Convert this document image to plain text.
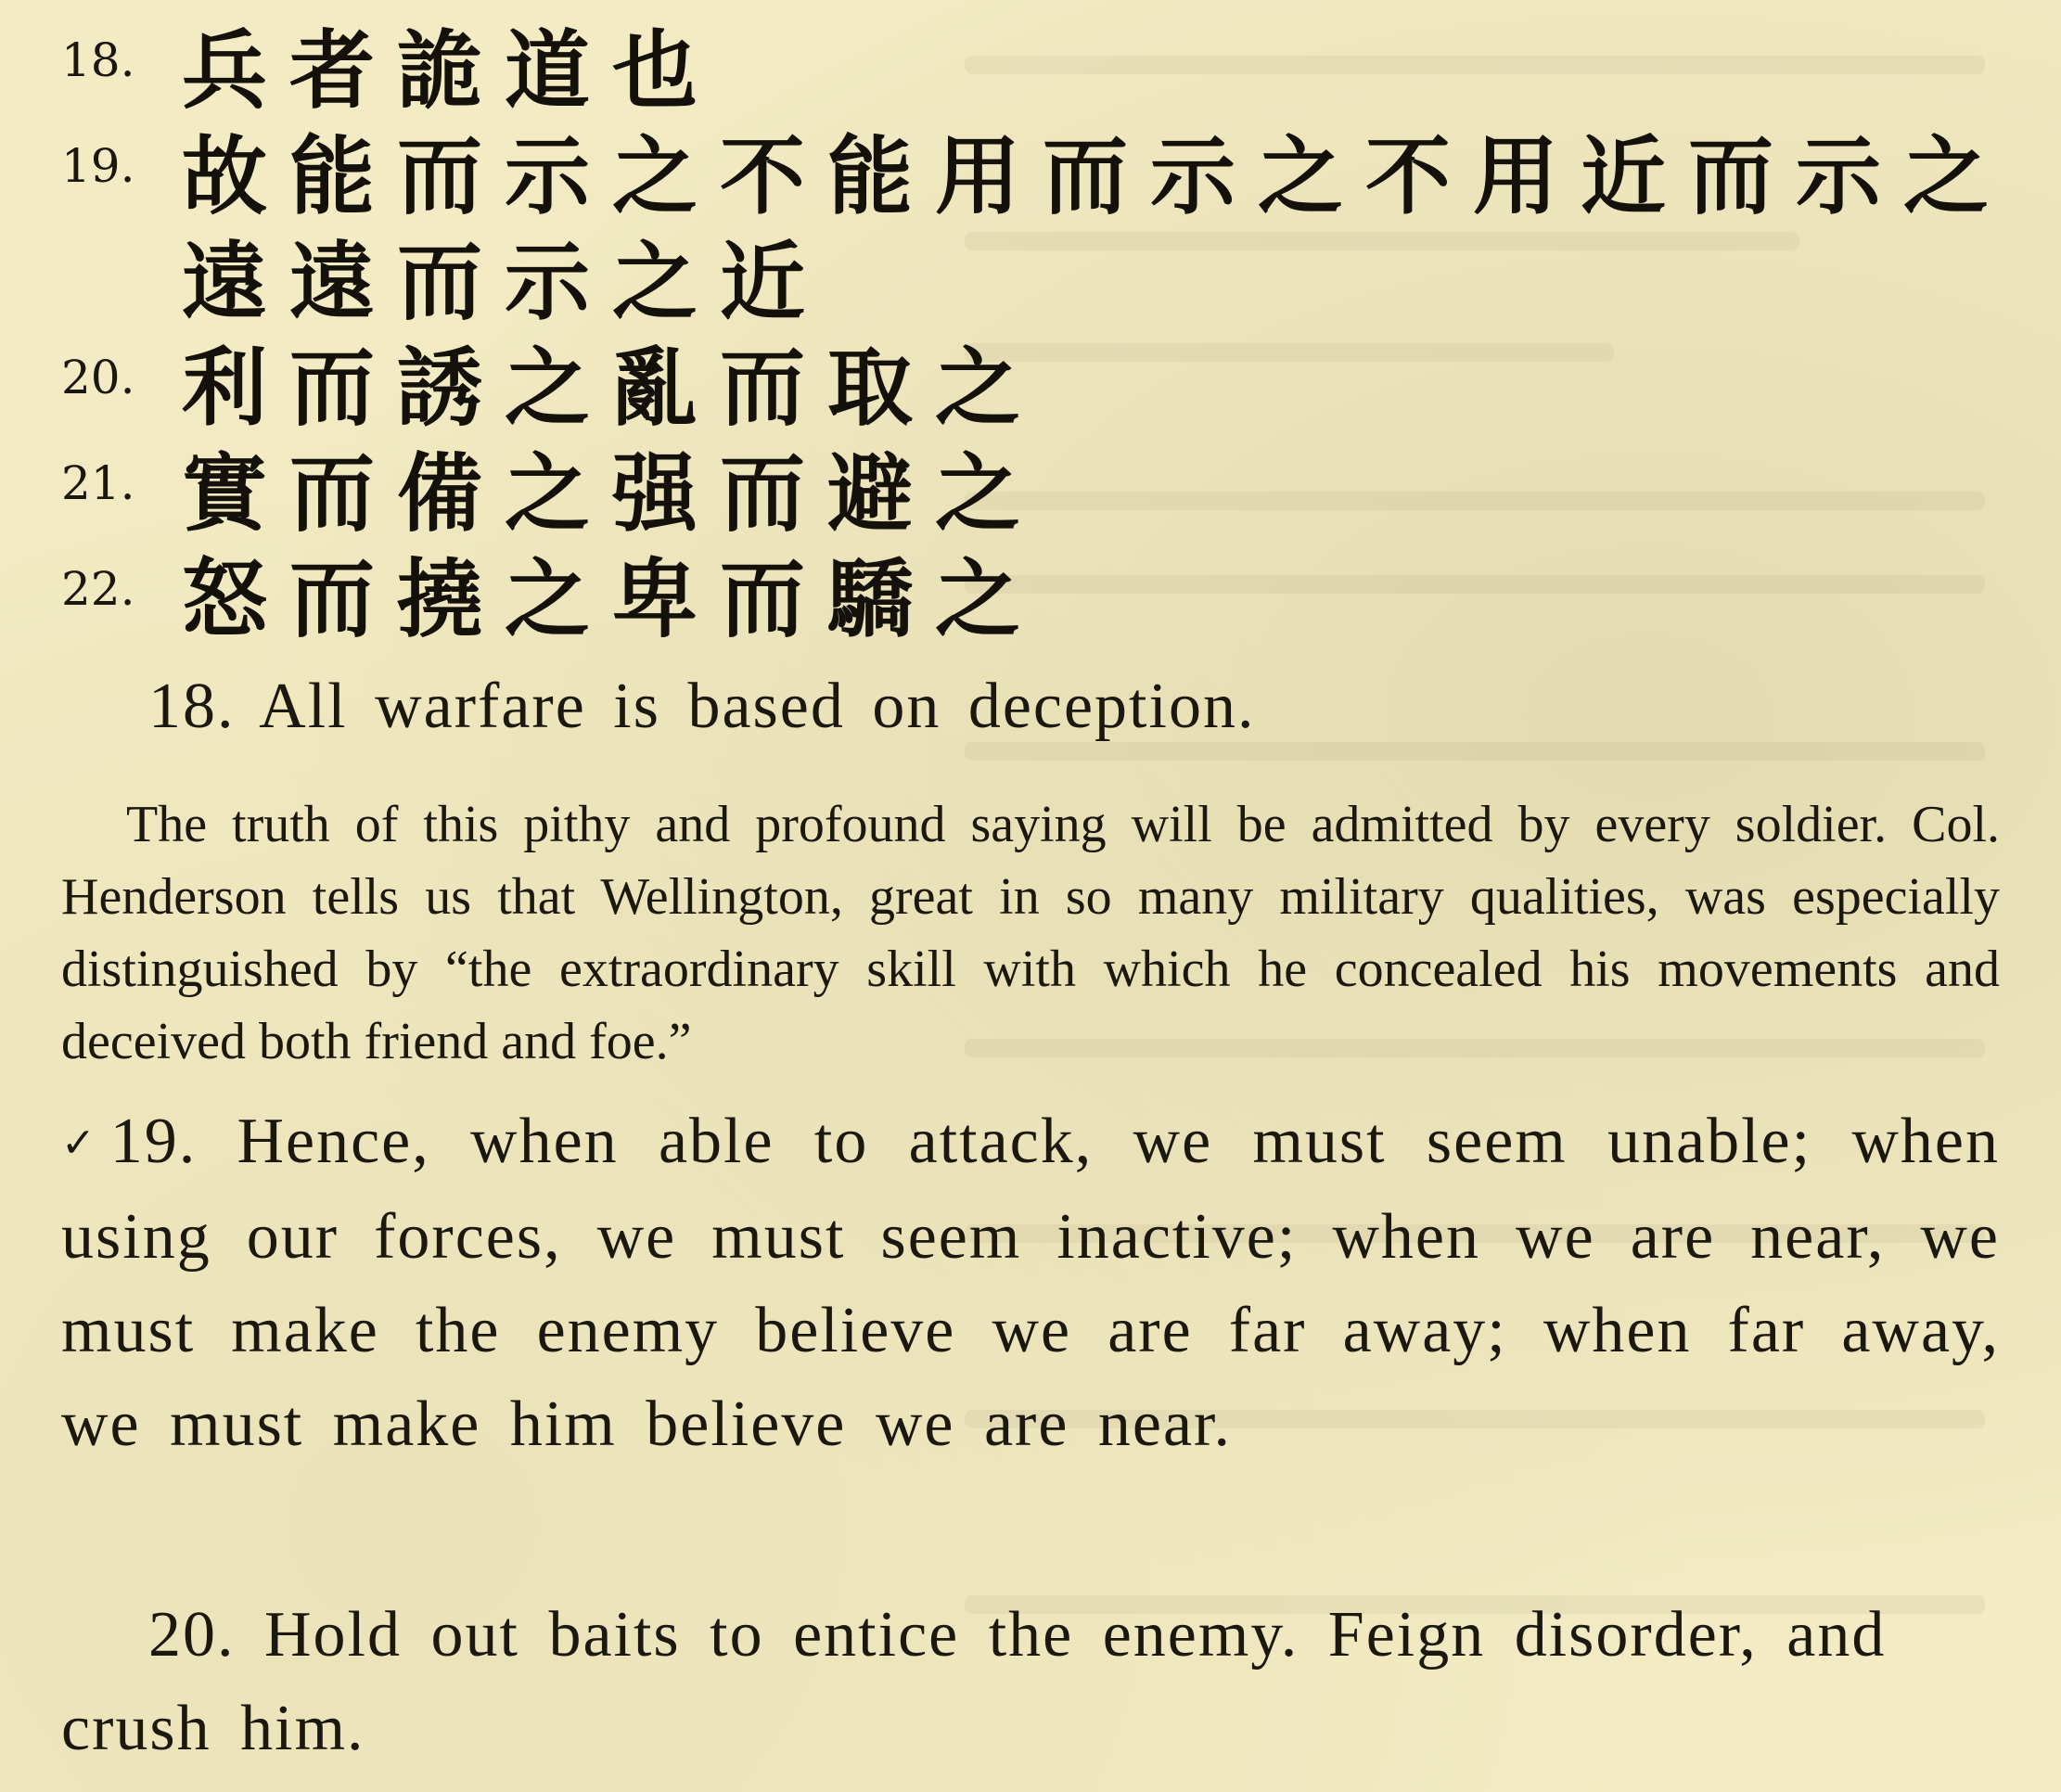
18. 兵者詭道也
19. 故能而示之不能用而示之不用近而示之
遠遠而示之近
20. 利而誘之亂而取之
21. 實而備之强而避之
22. 怒而撓之卑而驕之
18. All warfare is based on deception.

The truth of this pithy and profound saying will be admitted by every soldier. Col. Henderson tells us that Wellington, great in so many military qualities, was especially distinguished by “the extraordinary skill with which he concealed his movements and deceived both friend and foe.”

✓19. Hence, when able to attack, we must seem unable; when using our forces, we must seem inactive; when we are near, we must make the enemy believe we are far away; when far away, we must make him believe we are near.

20. Hold out baits to entice the enemy. Feign disorder, and crush him.
